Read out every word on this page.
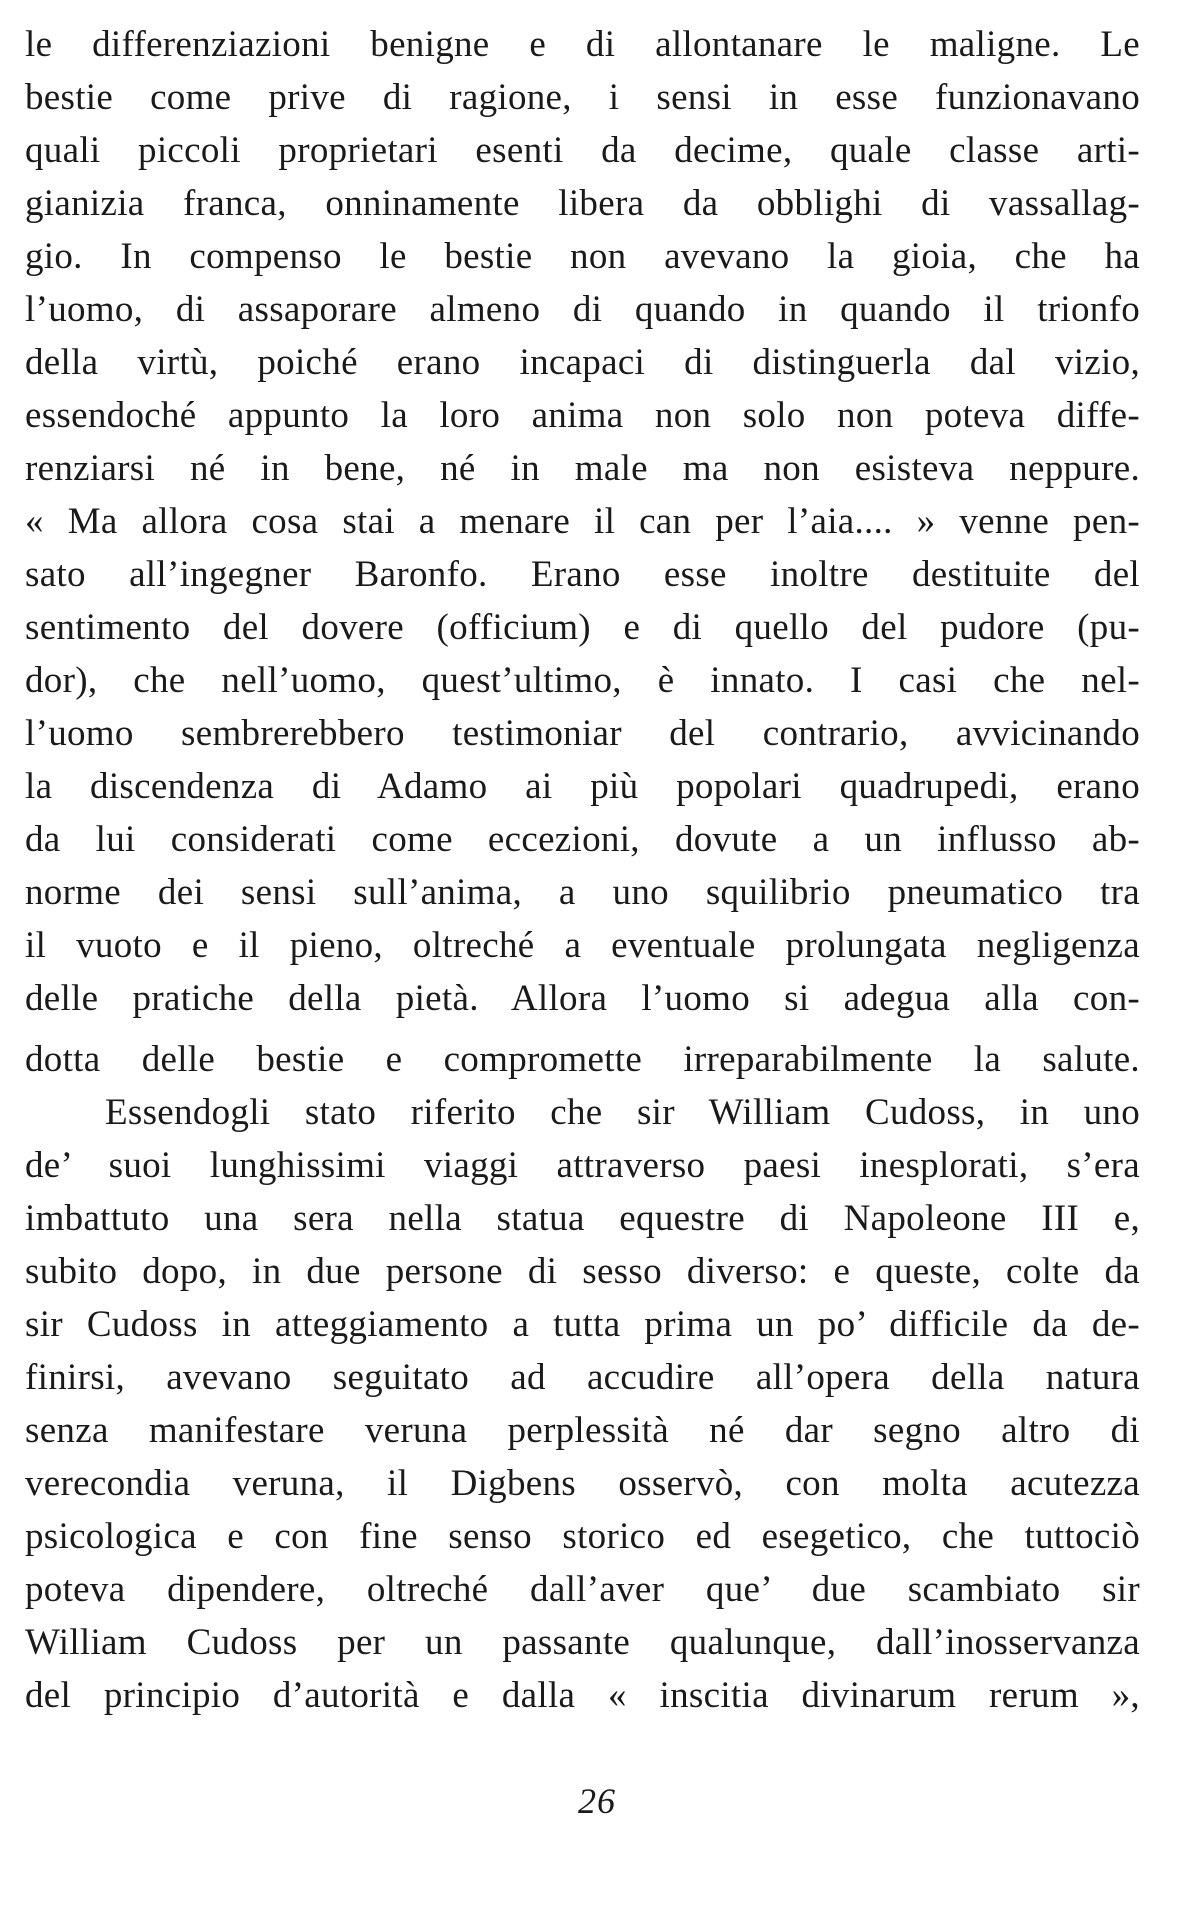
le differenziazioni benigne e di allontanare le maligne. Le
bestie come prive di ragione, i sensi in esse funzionavano
quali piccoli proprietari esenti da decime, quale classe arti-
gianizia franca, onninamente libera da obblighi di vassallag-
gio. In compenso le bestie non avevano la gioia, che ha
l’uomo, di assaporare almeno di quando in quando il trionfo
della virtù, poiché erano incapaci di distinguerla dal vizio,
essendoché appunto la loro anima non solo non poteva diffe-
renziarsi né in bene, né in male ma non esisteva neppure.
« Ma allora cosa stai a menare il can per l’aia.... » venne pen-
sato all’ingegner Baronfo. Erano esse inoltre destituite del
sentimento del dovere (officium) e di quello del pudore (pu-
dor), che nell’uomo, quest’ultimo, è innato. I casi che nel-
l’uomo sembrerebbero testimoniar del contrario, avvicinando
la discendenza di Adamo ai più popolari quadrupedi, erano
da lui considerati come eccezioni, dovute a un influsso ab-
norme dei sensi sull’anima, a uno squilibrio pneumatico tra
il vuoto e il pieno, oltreché a eventuale prolungata negligenza
delle pratiche della pietà. Allora l’uomo si adegua alla con-
dotta delle bestie e compromette irreparabilmente la salute.
Essendogli stato riferito che sir William Cudoss, in uno
de’ suoi lunghissimi viaggi attraverso paesi inesplorati, s’era
imbattuto una sera nella statua equestre di Napoleone III e,
subito dopo, in due persone di sesso diverso: e queste, colte da
sir Cudoss in atteggiamento a tutta prima un po’ difficile da de-
finirsi, avevano seguitato ad accudire all’opera della natura
senza manifestare veruna perplessità né dar segno altro di
verecondia veruna, il Digbens osservò, con molta acutezza
psicologica e con fine senso storico ed esegetico, che tuttociò
poteva dipendere, oltreché dall’aver que’ due scambiato sir
William Cudoss per un passante qualunque, dall’inosservanza
del principio d’autorità e dalla « inscitia divinarum rerum »,
26
